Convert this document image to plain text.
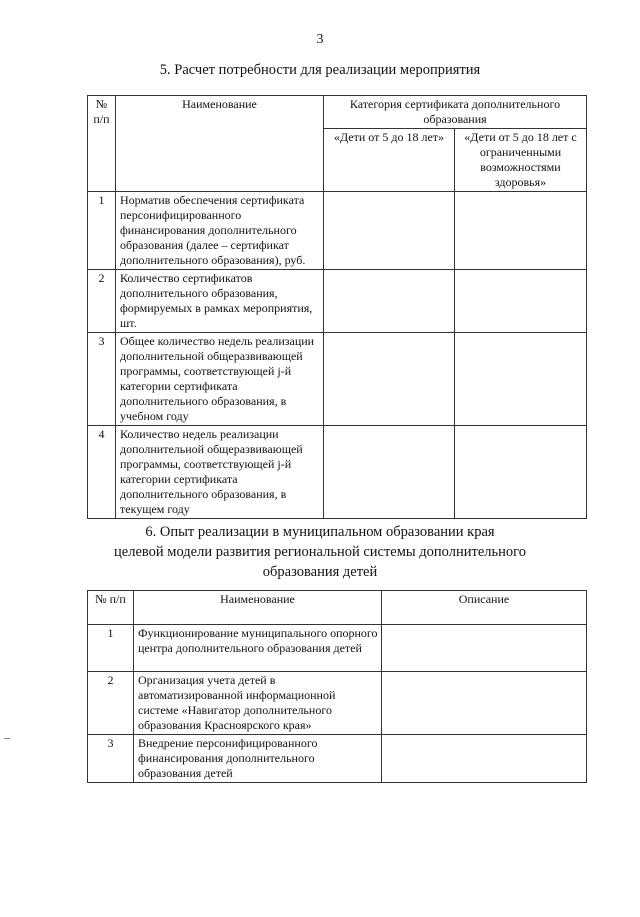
3
5. Расчет потребности для реализации мероприятия
№ п/п	Наименование	Категория сертификата дополнительного образования	
		«Дети от 5 до 18 лет»	«Дети от 5 до 18 лет с ограниченными возможностями здоровья»
1	Норматив обеспечения сертификата персонифицированного финансирования дополнительного образования (далее – сертификат дополнительного образования), руб.		
2	Количество сертификатов дополнительного образования, формируемых в рамках мероприятия, шт.		
3	Общее количество недель реализации дополнительной общеразвивающей программы, соответствующей j-й категории сертификата дополнительного образования, в учебном году		
4	Количество недель реализации дополнительной общеразвивающей программы, соответствующей j-й категории сертификата дополнительного образования, в текущем году		
6. Опыт реализации в муниципальном образовании края
целевой модели развития региональной системы дополнительного
образования детей
№ п/п	Наименование	Описание
1	Функционирование муниципального опорного центра дополнительного образования детей	
2	Организация учета детей в автоматизированной информационной системе «Навигатор дополнительного образования Красноярского края»	
3	Внедрение персонифицированного финансирования дополнительного образования детей	
